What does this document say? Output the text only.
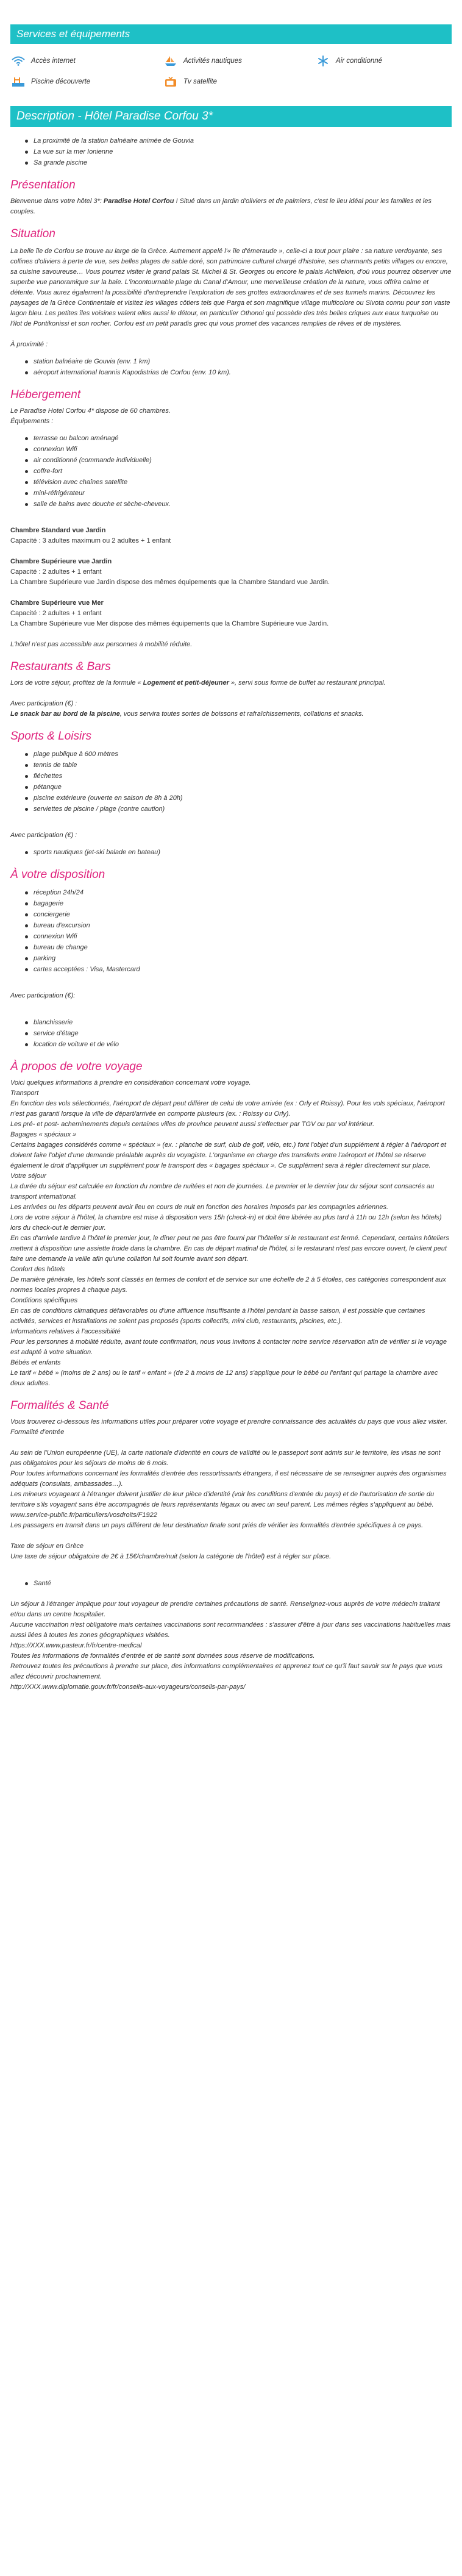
Services et équipements
Accès internet	Activités nautiques	Air conditionné
Piscine découverte	Tv satellite
Description - Hôtel Paradise Corfou 3*
La proximité de la station balnéaire animée de Gouvia
La vue sur la mer Ionienne
Sa grande piscine
Présentation

Bienvenue dans votre hôtel 3*: Paradise Hotel Corfou ! Situé dans un jardin d'oliviers et de palmiers, c'est le lieu idéal pour les familles et les couples.

Situation

La belle île de Corfou se trouve au large de la Grèce. Autrement appelé l'« île d'émeraude », celle-ci a tout pour plaire : sa nature verdoyante, ses collines d'oliviers à perte de vue, ses belles plages de sable doré, son patrimoine culturel chargé d'histoire, ses charmants petits villages ou encore, sa cuisine savoureuse… Vous pourrez visiter le grand palais St. Michel & St. Georges ou encore le palais Achilleion, d'où vous pourrez observer une superbe vue panoramique sur la baie. L'incontournable plage du Canal d'Amour, une merveilleuse création de la nature, vous offrira calme et détente. Vous aurez également la possibilité d'entreprendre l'exploration de ses grottes extraordinaires et de ses tunnels marins. Découvrez les paysages de la Grèce Continentale et visitez les villages côtiers tels que Parga et son magnifique village multicolore ou Sivota connu pour son vaste lagon bleu. Les petites îles voisines valent elles aussi le détour, en particulier Othonoi qui possède des très belles criques aux eaux turquoise ou l'îlot de Pontikonissi et son rocher. Corfou est un petit paradis grec qui vous promet des vacances remplies de rêves et de mystères.

À proximité :

station balnéaire de Gouvia (env. 1 km)
aéroport international Ioannis Kapodistrias de Corfou (env. 10 km).
Hébergement

Le Paradise Hotel Corfou 4* dispose de 60 chambres.

Équipements :

terrasse ou balcon aménagé
connexion Wifi
air conditionné (commande individuelle)
coffre-fort
télévision avec chaînes satellite
mini-réfrigérateur
salle de bains avec douche et sèche-cheveux.

Chambre Standard vue Jardin

Capacité : 3 adultes maximum ou 2 adultes + 1 enfant

Chambre Supérieure vue Jardin

Capacité : 2 adultes + 1 enfant

La Chambre Supérieure vue Jardin dispose des mêmes équipements que la Chambre Standard vue Jardin.

Chambre Supérieure vue Mer

Capacité : 2 adultes + 1 enfant

La Chambre Supérieure vue Mer dispose des mêmes équipements que la Chambre Supérieure vue Jardin.

L'hôtel n'est pas accessible aux personnes à mobilité réduite.

Restaurants & Bars

Lors de votre séjour, profitez de la formule « Logement et petit-déjeuner », servi sous forme de buffet au restaurant principal.

Avec participation (€) :

Le snack bar au bord de la piscine, vous servira toutes sortes de boissons et rafraîchissements, collations et snacks.

Sports & Loisirs
plage publique à 600 mètres
tennis de table
fléchettes
pétanque
piscine extérieure (ouverte en saison de 8h à 20h)
serviettes de piscine / plage (contre caution)

Avec participation (€) :

sports nautiques (jet-ski balade en bateau)
À votre disposition
réception 24h/24
bagagerie
conciergerie
bureau d'excursion
connexion Wifi
bureau de change
parking
cartes acceptées : Visa, Mastercard

Avec participation (€):

blanchisserie
service d'étage
location de voiture et de vélo
À propos de votre voyage

Voici quelques informations à prendre en considération concernant votre voyage.

Transport

En fonction des vols sélectionnés, l'aéroport de départ peut différer de celui de votre arrivée (ex : Orly et Roissy). Pour les vols spéciaux, l'aéroport n'est pas garanti lorsque la ville de départ/arrivée en comporte plusieurs (ex. : Roissy ou Orly).

Les pré- et post- acheminements depuis certaines villes de province peuvent aussi s'effectuer par TGV ou par vol intérieur.

Bagages « spéciaux »

Certains bagages considérés comme « spéciaux » (ex. : planche de surf, club de golf, vélo, etc.) font l'objet d'un supplément à régler à l'aéroport et doivent faire l'objet d'une demande préalable auprès du voyagiste. L'organisme en charge des transferts entre l'aéroport et l'hôtel se réserve également le droit d'appliquer un supplément pour le transport des « bagages spéciaux ». Ce supplément sera à régler directement sur place.

Votre séjour

La durée du séjour est calculée en fonction du nombre de nuitées et non de journées. Le premier et le dernier jour du séjour sont consacrés au transport international.

Les arrivées ou les départs peuvent avoir lieu en cours de nuit en fonction des horaires imposés par les compagnies aériennes.

Lors de votre séjour à l'hôtel, la chambre est mise à disposition vers 15h (check-in) et doit être libérée au plus tard à 11h ou 12h (selon les hôtels) lors du check-out le dernier jour.

En cas d'arrivée tardive à l'hôtel le premier jour, le dîner peut ne pas être fourni par l'hôtelier si le restaurant est fermé. Cependant, certains hôteliers mettent à disposition une assiette froide dans la chambre. En cas de départ matinal de l'hôtel, si le restaurant n'est pas encore ouvert, le client peut faire une demande la veille afin qu'une collation lui soit fournie avant son départ.

Confort des hôtels

De manière générale, les hôtels sont classés en termes de confort et de service sur une échelle de 2 à 5 étoiles, ces catégories correspondent aux normes locales propres à chaque pays.

Conditions spécifiques

En cas de conditions climatiques défavorables ou d'une affluence insuffisante à l'hôtel pendant la basse saison, il est possible que certaines activités, services et installations ne soient pas proposés (sports collectifs, mini club, restaurants, piscines, etc.).

Informations relatives à l'accessibilité

Pour les personnes à mobilité réduite, avant toute confirmation, nous vous invitons à contacter notre service réservation afin de vérifier si le voyage est adapté à votre situation.

Bébés et enfants

Le tarif « bébé » (moins de 2 ans) ou le tarif « enfant » (de 2 à moins de 12 ans) s'applique pour le bébé ou l'enfant qui partage la chambre avec deux adultes.

Formalités & Santé

Vous trouverez ci-dessous les informations utiles pour préparer votre voyage et prendre connaissance des actualités du pays que vous allez visiter.

Formalité d'entrée

Au sein de l'Union européenne (UE), la carte nationale d'identité en cours de validité ou le passeport sont admis sur le territoire, les visas ne sont pas obligatoires pour les séjours de moins de 6 mois.

Pour toutes informations concernant les formalités d'entrée des ressortissants étrangers, il est nécessaire de se renseigner auprès des organismes adéquats (consulats, ambassades…).

Les mineurs voyageant à l'étranger doivent justifier de leur pièce d'identité (voir les conditions d'entrée du pays) et de l'autorisation de sortie du territoire s'ils voyagent sans être accompagnés de leurs représentants légaux ou avec un seul parent. Les mêmes règles s'appliquent au bébé.

www.service-public.fr/particuliers/vosdroits/F1922

Les passagers en transit dans un pays différent de leur destination finale sont priés de vérifier les formalités d'entrée spécifiques à ce pays.

Taxe de séjour en Grèce

Une taxe de séjour obligatoire de 2€ à 15€/chambre/nuit (selon la catégorie de l'hôtel) est à régler sur place.

Santé

Un séjour à l'étranger implique pour tout voyageur de prendre certaines précautions de santé. Renseignez-vous auprès de votre médecin traitant et/ou dans un centre hospitalier.

Aucune vaccination n'est obligatoire mais certaines vaccinations sont recommandées : s'assurer d'être à jour dans ses vaccinations habituelles mais aussi liées à toutes les zones géographiques visitées.

https://XXX.www.pasteur.fr/fr/centre-medical

Toutes les informations de formalités d'entrée et de santé sont données sous réserve de modifications.

Retrouvez toutes les précautions à prendre sur place, des informations complémentaires et apprenez tout ce qu'il faut savoir sur le pays que vous allez découvrir prochainement.

http://XXX.www.diplomatie.gouv.fr/fr/conseils-aux-voyageurs/conseils-par-pays/
